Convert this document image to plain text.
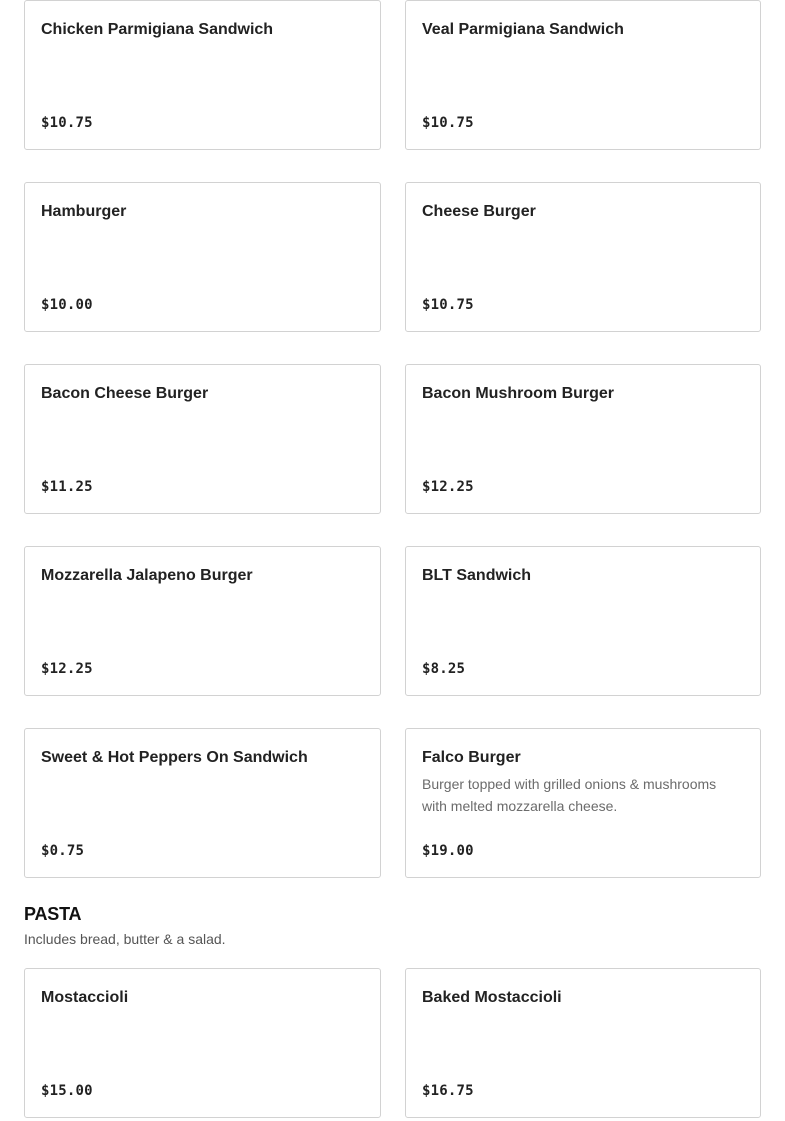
Chicken Parmigiana Sandwich
$10.75
Veal Parmigiana Sandwich
$10.75
Hamburger
$10.00
Cheese Burger
$10.75
Bacon Cheese Burger
$11.25
Bacon Mushroom Burger
$12.25
Mozzarella Jalapeno Burger
$12.25
BLT Sandwich
$8.25
Sweet & Hot Peppers On Sandwich
$0.75
Falco Burger
Burger topped with grilled onions & mushrooms with melted mozzarella cheese.
$19.00
PASTA
Includes bread, butter & a salad.
Mostaccioli
$15.00
Baked Mostaccioli
$16.75
